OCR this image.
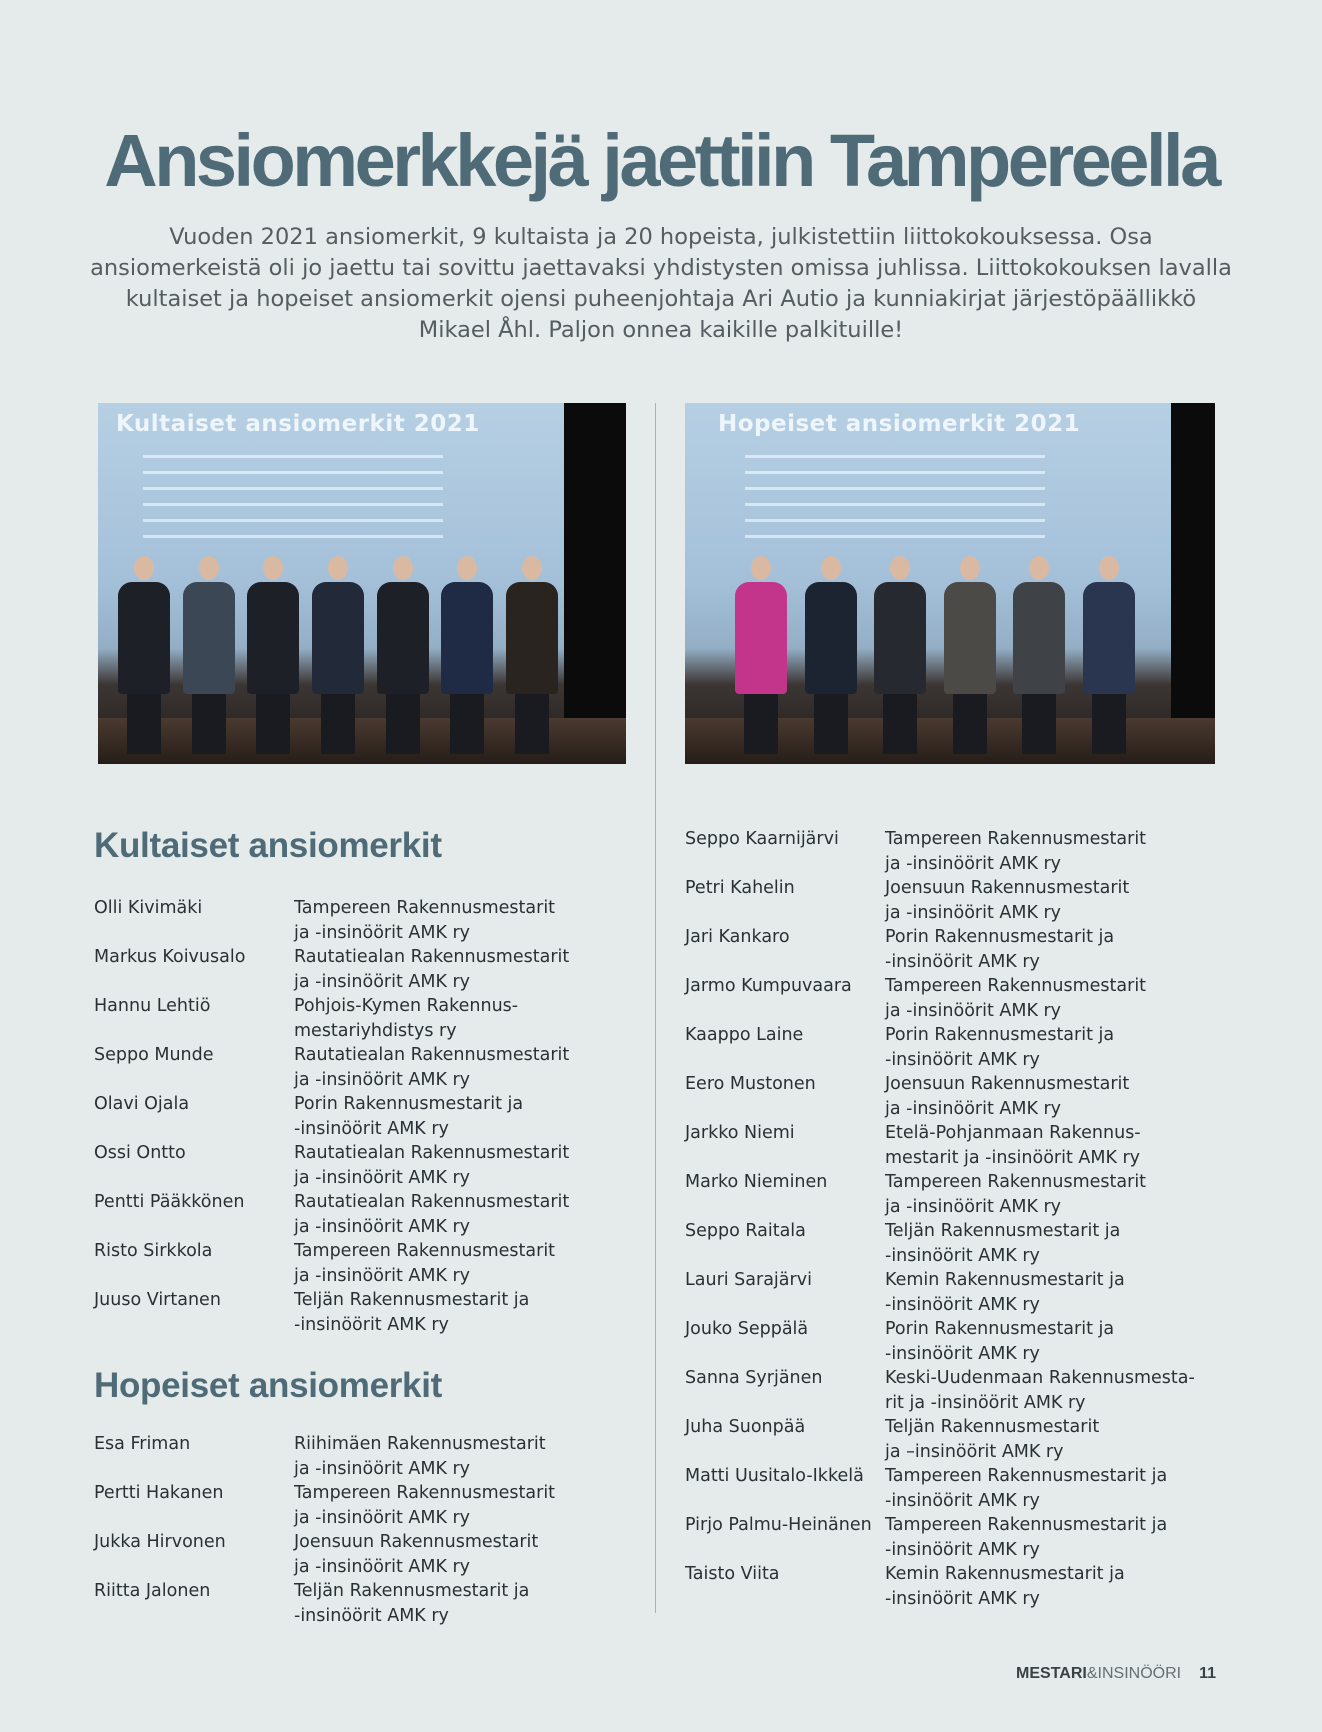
Ansiomerkkejä jaettiin Tampereella

Vuoden 2021 ansiomerkit, 9 kultaista ja 20 hopeista, julkistettiin liittokokouksessa. Osa ansiomerkeistä oli jo jaettu tai sovittu jaettavaksi yhdistysten omissa juhlissa. Liittokokouksen lavalla kultaiset ja hopeiset ansiomerkit ojensi puheenjohtaja Ari Autio ja kunniakirjat järjestöpäällikkö Mikael Åhl. Paljon onnea kaikille palkituille!

Kultaiset ansiomerkit 2021	Hopeiset ansiomerkit 2021
Kultaiset ansiomerkit
Olli Kivimäki	Tampereen Rakennusmestarit
ja -insinöörit AMK ry
Markus Koivusalo	Rautatiealan Rakennusmestarit
ja -insinöörit AMK ry
Hannu Lehtiö	Pohjois-Kymen Rakennus-
mestariyhdistys ry
Seppo Munde	Rautatiealan Rakennusmestarit
ja -insinöörit AMK ry
Olavi Ojala	Porin Rakennusmestarit ja
-insinöörit AMK ry
Ossi Ontto	Rautatiealan Rakennusmestarit
ja -insinöörit AMK ry
Pentti Pääkkönen	Rautatiealan Rakennusmestarit
ja -insinöörit AMK ry
Risto Sirkkola	Tampereen Rakennusmestarit
ja -insinöörit AMK ry
Juuso Virtanen	Teljän Rakennusmestarit ja
-insinöörit AMK ry
Hopeiset ansiomerkit
Esa Friman	Riihimäen Rakennusmestarit
ja -insinöörit AMK ry
Pertti Hakanen	Tampereen Rakennusmestarit
ja -insinöörit AMK ry
Jukka Hirvonen	Joensuun Rakennusmestarit
ja -insinöörit AMK ry
Riitta Jalonen	Teljän Rakennusmestarit ja
-insinöörit AMK ry
Seppo Kaarnijärvi	Tampereen Rakennusmestarit
ja -insinöörit AMK ry
Petri Kahelin	Joensuun Rakennusmestarit
ja -insinöörit AMK ry
Jari Kankaro	Porin Rakennusmestarit ja
-insinöörit AMK ry
Jarmo Kumpuvaara	Tampereen Rakennusmestarit
ja -insinöörit AMK ry
Kaappo Laine	Porin Rakennusmestarit ja
-insinöörit AMK ry
Eero Mustonen	Joensuun Rakennusmestarit
ja -insinöörit AMK ry
Jarkko Niemi	Etelä-Pohjanmaan Rakennus-
mestarit ja -insinöörit AMK ry
Marko Nieminen	Tampereen Rakennusmestarit
ja -insinöörit AMK ry
Seppo Raitala	Teljän Rakennusmestarit ja
-insinöörit AMK ry
Lauri Sarajärvi	Kemin Rakennusmestarit ja
-insinöörit AMK ry
Jouko Seppälä	Porin Rakennusmestarit ja
-insinöörit AMK ry
Sanna Syrjänen	Keski-Uudenmaan Rakennusmesta-
rit ja -insinöörit AMK ry
Juha Suonpää	Teljän Rakennusmestarit
ja –insinöörit AMK ry
Matti Uusitalo-Ikkelä	Tampereen Rakennusmestarit ja
-insinöörit AMK ry
Pirjo Palmu-Heinänen Tampereen Rakennusmestarit ja
-insinöörit AMK ry
Taisto Viita	Kemin Rakennusmestarit ja
-insinöörit AMK ry
MESTARI&INSINÖÖRI 11
